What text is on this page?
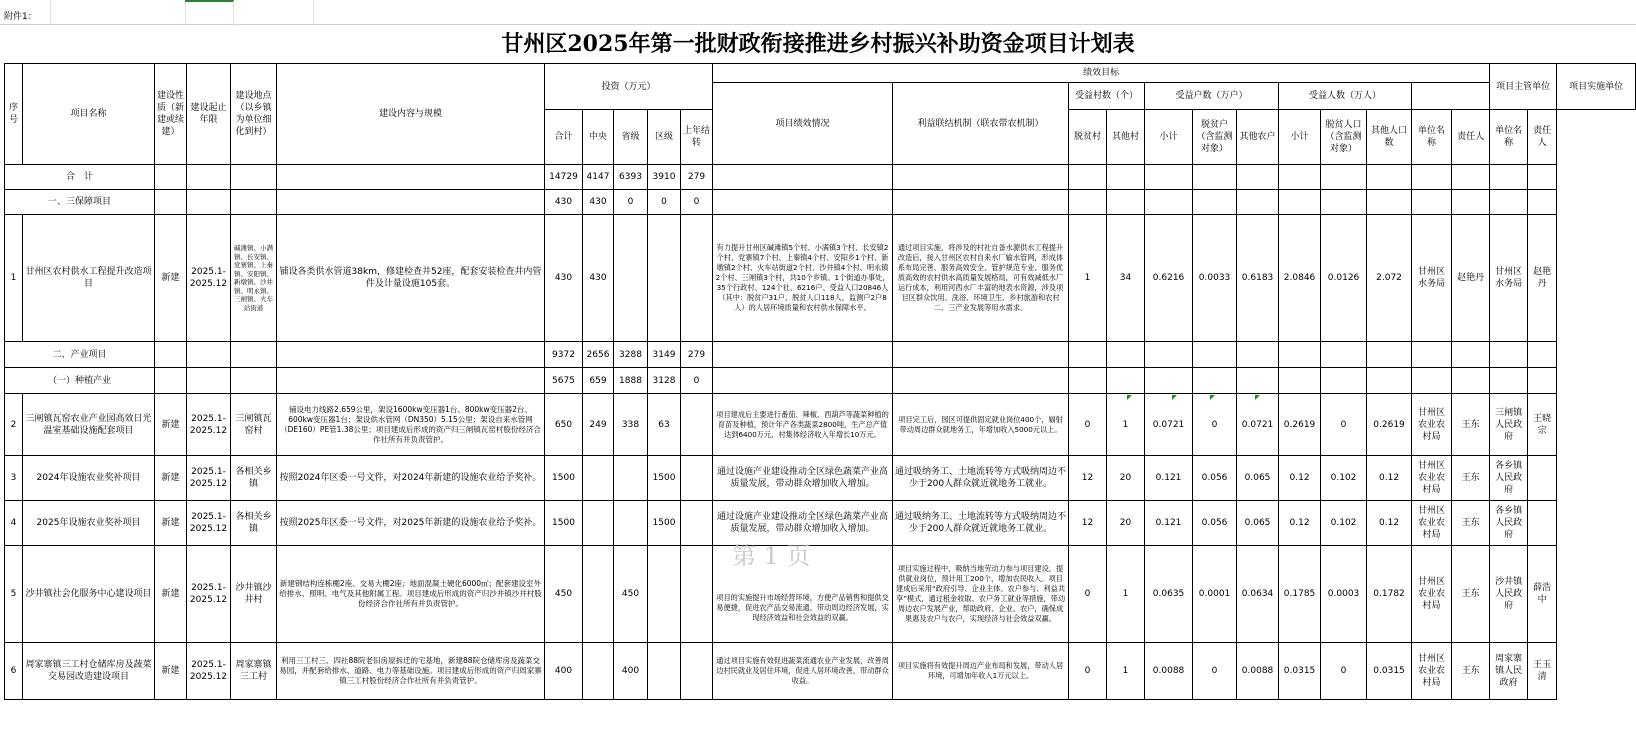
附件1：
甘州区2025年第一批财政衔接推进乡村振兴补助资金项目计划表
序号	项目名称	建设性质（新建或续建）	建设起止年限	建设地点（以乡镇为单位细化到村）	建设内容与规模	投资（万元）					绩效目标												项目主管单位		项目实施单位
											项目绩效情况	利益联结机制（联农带农机制）	受益村数（个）		受益户数（万户）			受益人数（万人）							
						合计	中央	省级	区级	上年结转			脱贫村	其他村	小计	脱贫户（含监测对象）	其他农户	小计	脱贫人口（含监测对象）	其他人口数	单位名称	责任人	单位名称	责任人	
合　计						14729	4147	6393	3910	279															
一、三保障项目						430	430	0	0	0															
1	甘州区农村供水工程提升改造项目	新建	2025.1-2025.12	碱滩镇、小满镇、长安镇、党寨镇、上秦镇、安阳镇、新墩镇、沙井镇、明永镇、三闸镇、火车站街道	铺设各类供水管道38km，修建检查井52座，配套安装检查井内管件及计量设施105套。	430	430				有力提升甘州区碱滩镇5个村、小满镇3个村、长安镇2个村、党寨镇7个村、上秦镇4个村、安阳乡1个村、新墩镇2个村、火车站街道2个村、沙井镇4个村、明永镇2个村、三闸镇3个村，共10个乡镇、1个街道办事处，35个行政村、124个社、6216户、受益人口20846人（其中：脱贫户31户、脱贫人口118人，监测户2户8人）的人居环境质量和农村供水保障水平。	通过项目实施，将涉及的村社自备水源供水工程提升改造后，接入甘州区农村自来水厂输水管网，形成体系布局完善、服务高效安全、管护规范专业、服务优质高效的农村供水高质量发展格局，可有效减低水厂运行成本，利用河西水厂丰富的地表水资源，涉及项目区群众饮用、洗浴、环境卫生、乡村旅游和农村二、三产业发展等用水需求。	1	34	0.6216	0.0033	0.6183	2.0846	0.0126	2.072	甘州区水务局	赵艳丹	甘州区水务局	赵艳丹	
二、产业项目						9372	2656	3288	3149	279															
（一）种植产业						5675	659	1888	3128	0															
2	三闸镇瓦窑农业产业园高效日光温室基础设施配套项目	新建	2025.1-2025.12	三闸镇瓦窑村	铺设电力线路2.659公里，架设1600kw变压器1台、800kw变压器2台、600kw变压器1台；架设供水管网（DN350）5.15公里；架设自来水管网（DE160）PE管1.38公里；项目建成后形成的资产归三闸镇瓦窑村股份经济合作社所有并负责管护。	650	249	338	63		项目建成后主要进行番茄、辣椒、西葫芦等蔬菜种植的育苗及种植，预计年产各类蔬菜2800吨，生产总产值达到6400万元，村集体经济收入年增长10万元。	项目完工后，园区可提供固定就业岗位400个，辐射带动周边群众就地务工，年增加收入5000元以上。	0	1	0.0721	0	0.0721	0.2619	0	0.2619	甘州区农业农村局	王东	三闸镇人民政府	王晓宗	
3	2024年设施农业奖补项目	新建	2025.1-2025.12	各相关乡镇	按照2024年区委一号文件，对2024年新建的设施农业给予奖补。	1500			1500		通过设施产业建设推动全区绿色蔬菜产业高质量发展，带动群众增加收入增加。	通过吸纳务工、土地流转等方式吸纳周边不少于200人群众就近就地务工就业。	12	20	0.121	0.056	0.065	0.12	0.102	0.12	甘州区农业农村局	王东	各乡镇人民政府		
4	2025年设施农业奖补项目	新建	2025.1-2025.12	各相关乡镇	按照2025年区委一号文件，对2025年新建的设施农业给予奖补。	1500			1500		通过设施产业建设推动全区绿色蔬菜产业高质量发展，带动群众增加收入增加。	通过吸纳务工、土地流转等方式吸纳周边不少于200人群众就近就地务工就业。	12	20	0.121	0.056	0.065	0.12	0.102	0.12	甘州区农业农村局	王东	各乡镇人民政府		
5	沙井镇社会化服务中心建设项目	新建	2025.1-2025.12	沙井镇沙井村	新建钢结构连栋棚2座、交易大棚2座；地面混凝土硬化6000㎡；配套建设室外给排水、照明、电气及其他附属工程。项目建成后形成的资产归沙井镇沙井村股份经济合作社所有并负责管护。	450		450			项目的实施提升市场经营环境，方便产品销售和提供交易便捷，促进农产品交易流通，带动周边经济发展，实现经济效益和社会效益的双赢。	项目实施过程中，吸纳当地劳动力参与项目建设，提供就业岗位，预计用工200个，增加农民收入。项目建成后采用“政府引导、企业主体、农户参与、利益共享”模式，通过租金收取、农户务工就业等措施，带动周边农户发展产业，帮助政府、企业、农户，确保成果惠及农户与农户，实现经济与社会效益双赢。	0	1	0.0635	0.0001	0.0634	0.1785	0.0003	0.1782	甘州区农业农村局	王东	沙井镇人民政府	薛浩中	
6	周家寨镇三工村仓储库房及蔬菜交易园改造建设项目	新建	2025.1-2025.12	周家寨镇三工村	利用三工村三、四社88院老旧房屋拆迁的宅基地，新建88院仓储库房及蔬菜交易园，并配套给排水、道路、电力等基础设施。项目建成后形成的资产归周家寨镇三工村股份经济合作社所有并负责管护。	400		400			通过项目实施有效促进蔬菜流通农业产业发展，改善周边村民就业及居住环境，促进人居环境改善，带动群众收益。	项目实施将有效提升周边产业布局和发展，带动人居环境，可增加年收入1万元以上。	0	1	0.0088	0	0.0088	0.0315	0	0.0315	甘州区农业农村局	王东	周家寨镇人民政府	王玉清	
第 1 页
